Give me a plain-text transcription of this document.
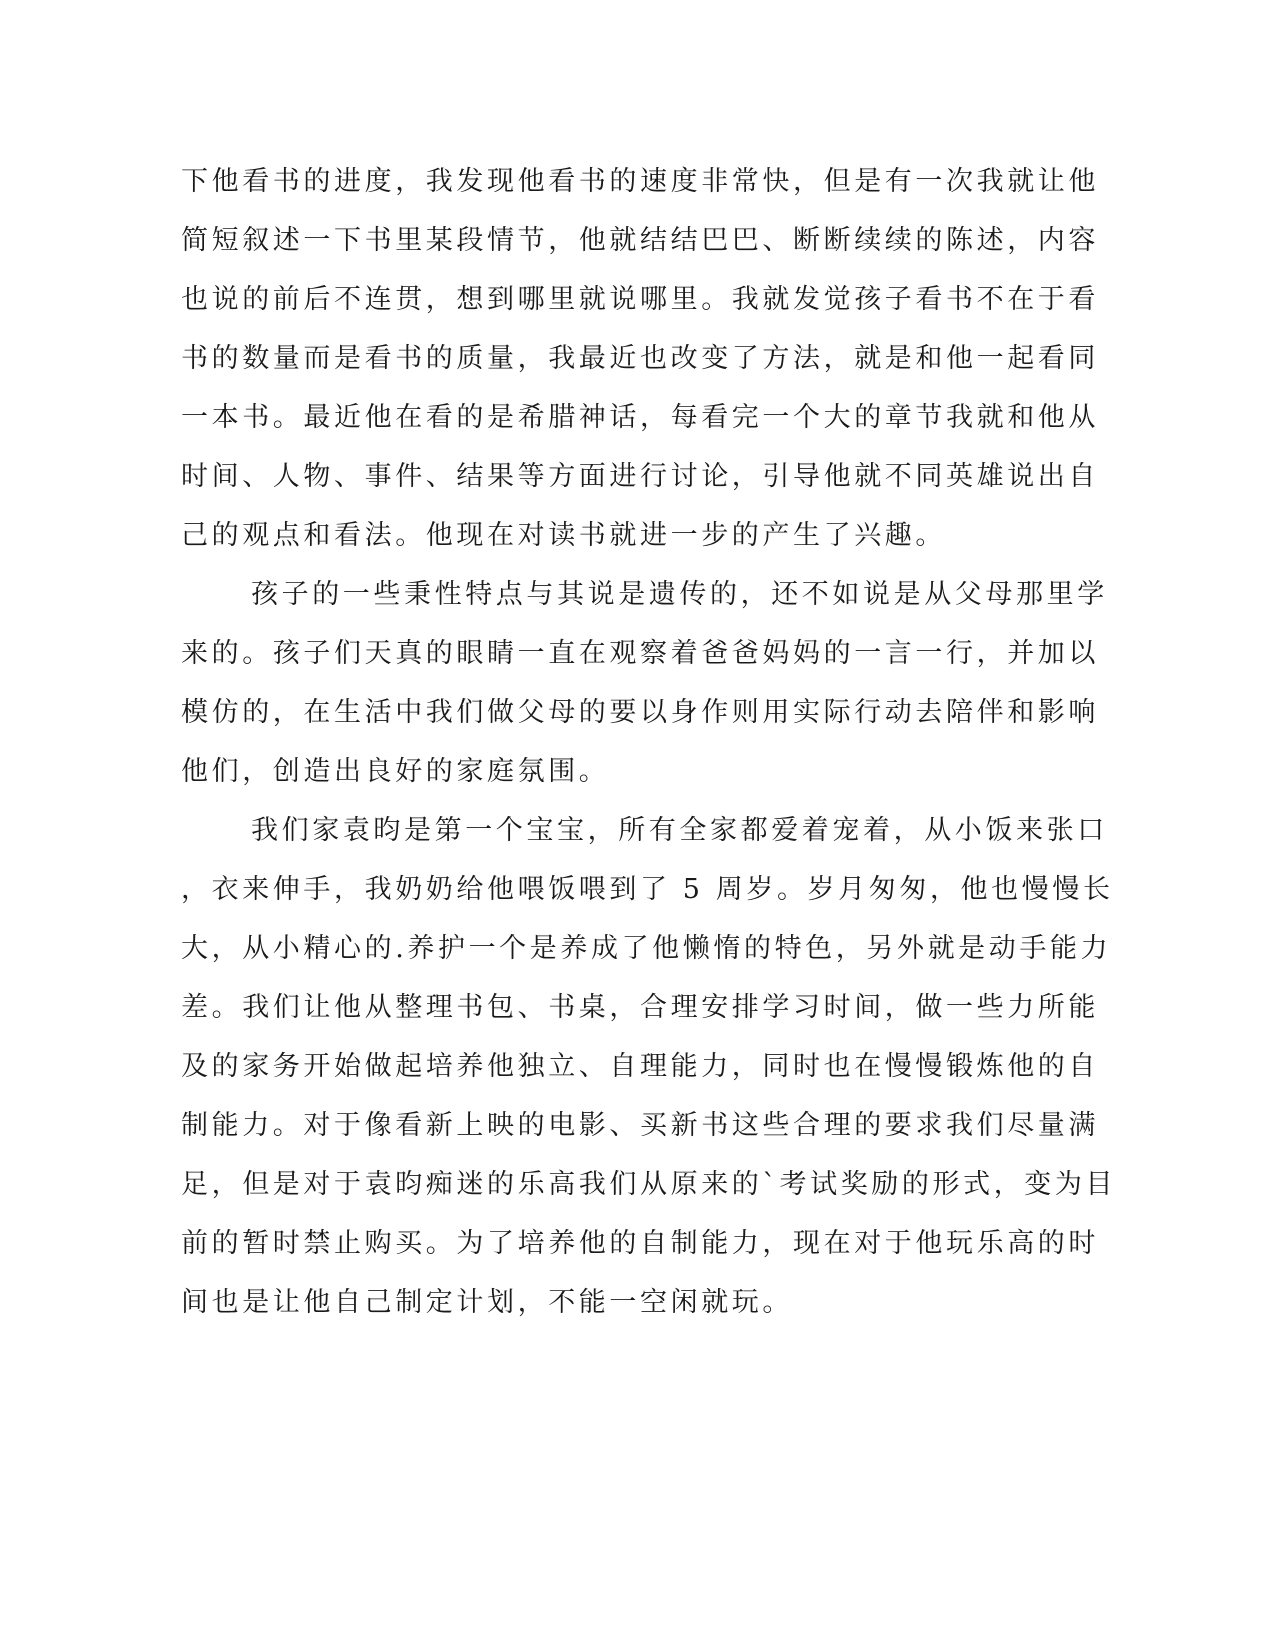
下他看书的进度，我发现他看书的速度非常快，但是有一次我就让他
简短叙述一下书里某段情节，他就结结巴巴、断断续续的陈述，内容
也说的前后不连贯，想到哪里就说哪里。我就发觉孩子看书不在于看
书的数量而是看书的质量，我最近也改变了方法，就是和他一起看同
一本书。最近他在看的是希腊神话，每看完一个大的章节我就和他从
时间、人物、事件、结果等方面进行讨论，引导他就不同英雄说出自
己的观点和看法。他现在对读书就进一步的产生了兴趣。
孩子的一些秉性特点与其说是遗传的，还不如说是从父母那里学
来的。孩子们天真的眼睛一直在观察着爸爸妈妈的一言一行，并加以
模仿的，在生活中我们做父母的要以身作则用实际行动去陪伴和影响
他们，创造出良好的家庭氛围。
我们家袁昀是第一个宝宝，所有全家都爱着宠着，从小饭来张口
，衣来伸手，我奶奶给他喂饭喂到了 5 周岁。岁月匆匆，他也慢慢长
大，从小精心的.养护一个是养成了他懒惰的特色，另外就是动手能力
差。我们让他从整理书包、书桌，合理安排学习时间，做一些力所能
及的家务开始做起培养他独立、自理能力，同时也在慢慢锻炼他的自
制能力。对于像看新上映的电影、买新书这些合理的要求我们尽量满
足，但是对于袁昀痴迷的乐高我们从原来的`考试奖励的形式，变为目
前的暂时禁止购买。为了培养他的自制能力，现在对于他玩乐高的时
间也是让他自己制定计划，不能一空闲就玩。
